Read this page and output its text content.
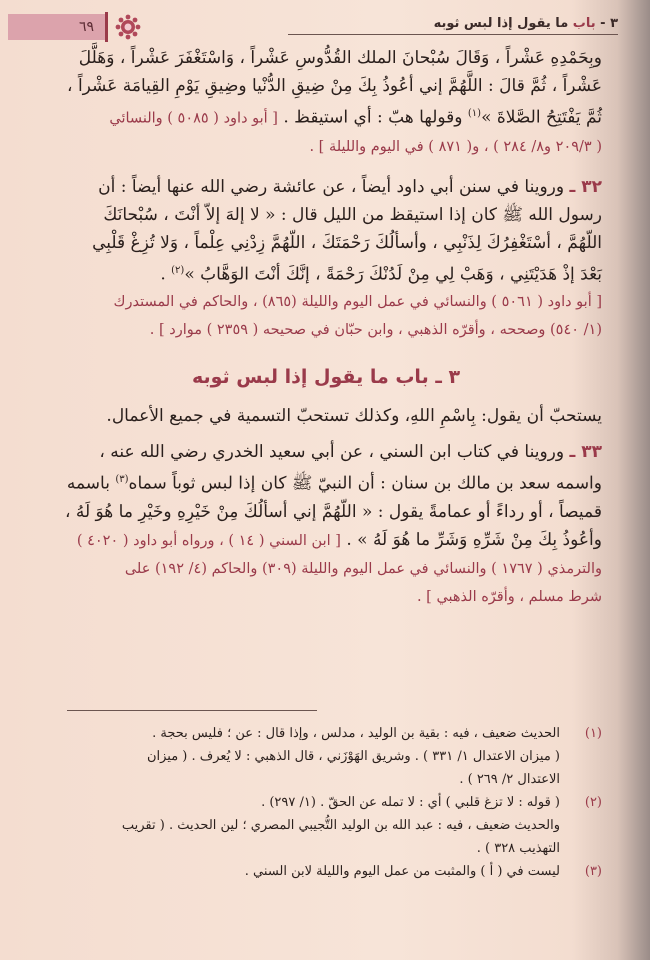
٦٩	٣ - باب ما يقول إذا لبس ثوبه
وبِحَمْدِهِ عَشْراً ، وَقَالَ سُبْحانَ الملك القُدُّوسِ عَشْراً ، وَاسْتَغْفَرَ عَشْراً ، وَهَلَّلَ
عَشْراً ، ثُمَّ قالَ : اللَّهُمَّ إني أعُوذُ بِكَ مِنْ ضِيقِ الدُّنْيا وضِيقِ يَوْمِ القِيامَة عَشْراً ،
ثُمَّ يَفْتَتِحُ الصَّلاةَ »$^{(١)}$ وقولها هبّ : أي استيقظ . [ أبو داود ( ٥٠٨٥ ) والنسائي
( ٢٠٩/٣ و٨/ ٢٨٤ ) ، و( ٨٧١ ) في اليوم والليلة ] .
٣٢ ـ وروينا في سنن أبي داود أيضاً ، عن عائشة رضي الله عنها أيضاً : أن
رسول الله ﷺ كان إذا استيقظ من الليل قال : « لا إلهَ إلاّ أنْتَ ، سُبْحانَكَ
اللّهُمَّ ، أسْتَغْفِرُكَ لِذَنْبِي ، وأسألُكَ رَحْمَتَكَ ، اللّهُمَّ زِدْنِي عِلْماً ، وَلا تُزِغْ قَلْبِي
بَعْدَ إذْ هَدَيْتَنِي ، وَهَبْ لِي مِنْ لَدُنْكَ رَحْمَةً ، إنَّكَ أنْتَ الوَهَّابُ »$^{(٢)}$ .
[ أبو داود ( ٥٠٦١ ) والنسائي في عمل اليوم والليلة (٨٦٥) ، والحاكم في المستدرك
(١/ ٥٤٠) وصححه ، وأقرّه الذهبي ، وابن حبّان في صحيحه ( ٢٣٥٩ ) موارد ] .
٣ ـ باب ما يقول إذا لبس ثوبه
يستحبّ أن يقول: بِاسْمِ اللهِ، وكذلك تستحبّ التسمية في جميع الأعمال.
٣٣ ـ وروينا في كتاب ابن السني ، عن أبي سعيد الخدري رضي الله عنه ،
واسمه سعد بن مالك بن سنان : أن النبيّ ﷺ كان إذا لبس ثوباً سماه$^{(٣)}$ باسمه
قميصاً ، أو رداءً أو عمامةً يقول : « اللّهُمَّ إني أسألُكَ مِنْ خَيْرِهِ وخَيْرِ ما هُوَ لَهُ ،
وأعُوذُ بِكَ مِنْ شَرِّهِ وَشَرِّ ما هُوَ لَهُ » . [ ابن السني ( ١٤ ) ، ورواه أبو داود ( ٤٠٢٠ )
والترمذي ( ١٧٦٧ ) والنسائي في عمل اليوم والليلة (٣٠٩) والحاكم (٤/ ١٩٢) على
شرط مسلم ، وأقرّه الذهبي ] .
(١)
الحديث ضعيف ، فيه : بقية بن الوليد ، مدلس ، وإذا قال : عن ؛ فليس بحجة .
( ميزان الاعتدال ١/ ٣٣١ ) . وشريق الهَوْزَني ، قال الذهبي : لا يُعرف . ( ميزان
الاعتدال ٢/ ٢٦٩ ) .
(٢)
( قوله : لا تزغ قلبي ) أي : لا تمله عن الحقّ . (١/ ٢٩٧) .
والحديث ضعيف ، فيه : عبد الله بن الوليد التُّجيبي المصري ؛ لين الحديث . ( تقريب
التهذيب ٣٢٨ ) .
(٣)
ليست في ( أ ) والمثبت من عمل اليوم والليلة لابن السني .
